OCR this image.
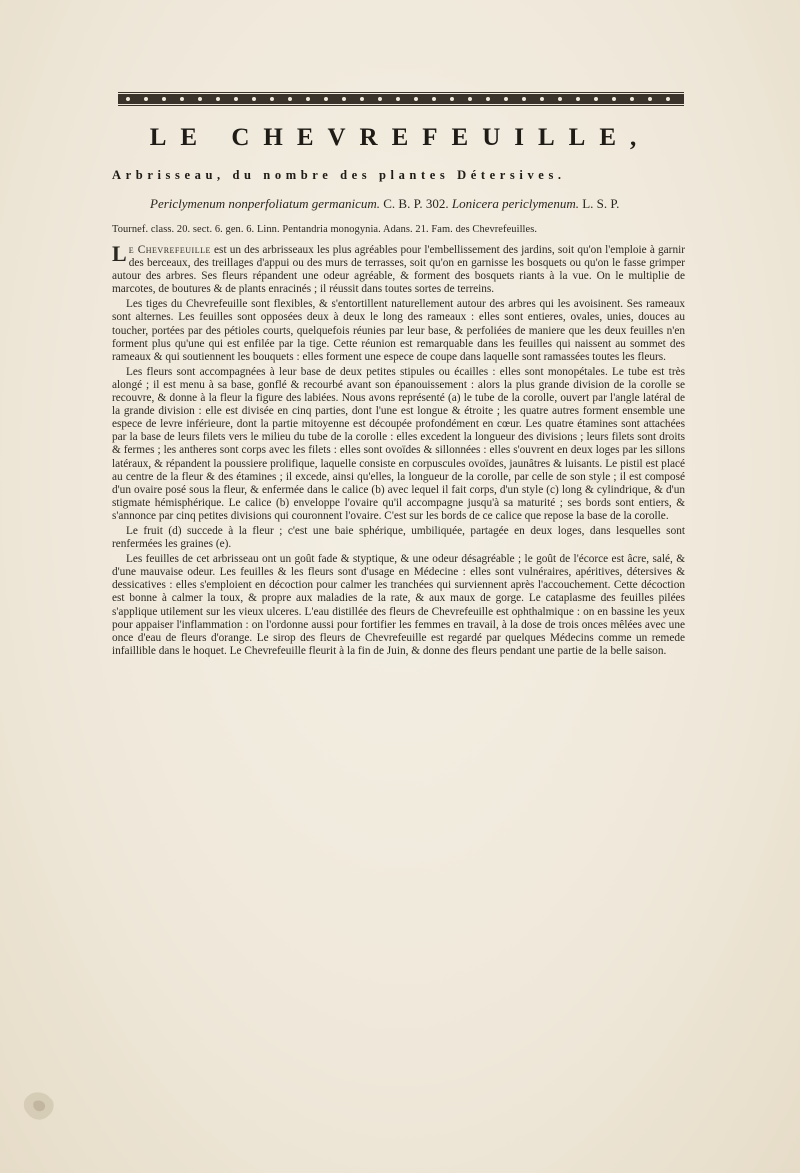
LE CHEVREFEUILLE,
Arbrisseau, du nombre des plantes Détersives.
Periclymenum nonperfoliatum germanicum. C. B. P. 302. Lonicera periclymenum. L. S. P.
Tournef. class. 20. sect. 6. gen. 6. Linn. Pentandria monogynia. Adans. 21. Fam. des Chevrefeuilles.

Le Chevrefeuille est un des arbrisseaux les plus agréables pour l'embellissement des jardins, soit qu'on l'emploie à garnir des berceaux, des treillages d'appui ou des murs de terrasses, soit qu'on en garnisse les bosquets ou qu'on le fasse grimper autour des arbres. Ses fleurs répandent une odeur agréable, & forment des bosquets riants à la vue. On le multiplie de marcotes, de boutures & de plants enracinés ; il réussit dans toutes sortes de terreins.

Les tiges du Chevrefeuille sont flexibles, & s'entortillent naturellement autour des arbres qui les avoisinent. Ses rameaux sont alternes. Les feuilles sont opposées deux à deux le long des rameaux : elles sont entieres, ovales, unies, douces au toucher, portées par des pétioles courts, quelquefois réunies par leur base, & perfoliées de maniere que les deux feuilles n'en forment plus qu'une qui est enfilée par la tige. Cette réunion est remarquable dans les feuilles qui naissent au sommet des rameaux & qui soutiennent les bouquets : elles forment une espece de coupe dans laquelle sont ramassées toutes les fleurs.

Les fleurs sont accompagnées à leur base de deux petites stipules ou écailles : elles sont monopétales. Le tube est très alongé ; il est menu à sa base, gonflé & recourbé avant son épanouissement : alors la plus grande division de la corolle se recouvre, & donne à la fleur la figure des labiées. Nous avons représenté (a) le tube de la corolle, ouvert par l'angle latéral de la grande division : elle est divisée en cinq parties, dont l'une est longue & étroite ; les quatre autres forment ensemble une espece de levre inférieure, dont la partie mitoyenne est découpée profondément en cœur. Les quatre étamines sont attachées par la base de leurs filets vers le milieu du tube de la corolle : elles excedent la longueur des divisions ; leurs filets sont droits & fermes ; les antheres sont corps avec les filets : elles sont ovoïdes & sillonnées : elles s'ouvrent en deux loges par les sillons latéraux, & répandent la poussiere prolifique, laquelle consiste en corpuscules ovoïdes, jaunâtres & luisants. Le pistil est placé au centre de la fleur & des étamines ; il excede, ainsi qu'elles, la longueur de la corolle, par celle de son style ; il est composé d'un ovaire posé sous la fleur, & enfermée dans le calice (b) avec lequel il fait corps, d'un style (c) long & cylindrique, & d'un stigmate hémisphérique. Le calice (b) enveloppe l'ovaire qu'il accompagne jusqu'à sa maturité ; ses bords sont entiers, & s'annonce par cinq petites divisions qui couronnent l'ovaire. C'est sur les bords de ce calice que repose la base de la corolle.

Le fruit (d) succede à la fleur ; c'est une baie sphérique, umbiliquée, partagée en deux loges, dans lesquelles sont renfermées les graines (e).

Les feuilles de cet arbrisseau ont un goût fade & styptique, & une odeur désagréable ; le goût de l'écorce est âcre, salé, & d'une mauvaise odeur. Les feuilles & les fleurs sont d'usage en Médecine : elles sont vulnéraires, apéritives, détersives & dessicatives : elles s'emploient en décoction pour calmer les tranchées qui surviennent après l'accouchement. Cette décoction est bonne à calmer la toux, & propre aux maladies de la rate, & aux maux de gorge. Le cataplasme des feuilles pilées s'applique utilement sur les vieux ulceres. L'eau distillée des fleurs de Chevrefeuille est ophthalmique : on en bassine les yeux pour appaiser l'inflammation : on l'ordonne aussi pour fortifier les femmes en travail, à la dose de trois onces mêlées avec une once d'eau de fleurs d'orange. Le sirop des fleurs de Chevrefeuille est regardé par quelques Médecins comme un remede infaillible dans le hoquet. Le Chevrefeuille fleurit à la fin de Juin, & donne des fleurs pendant une partie de la belle saison.
